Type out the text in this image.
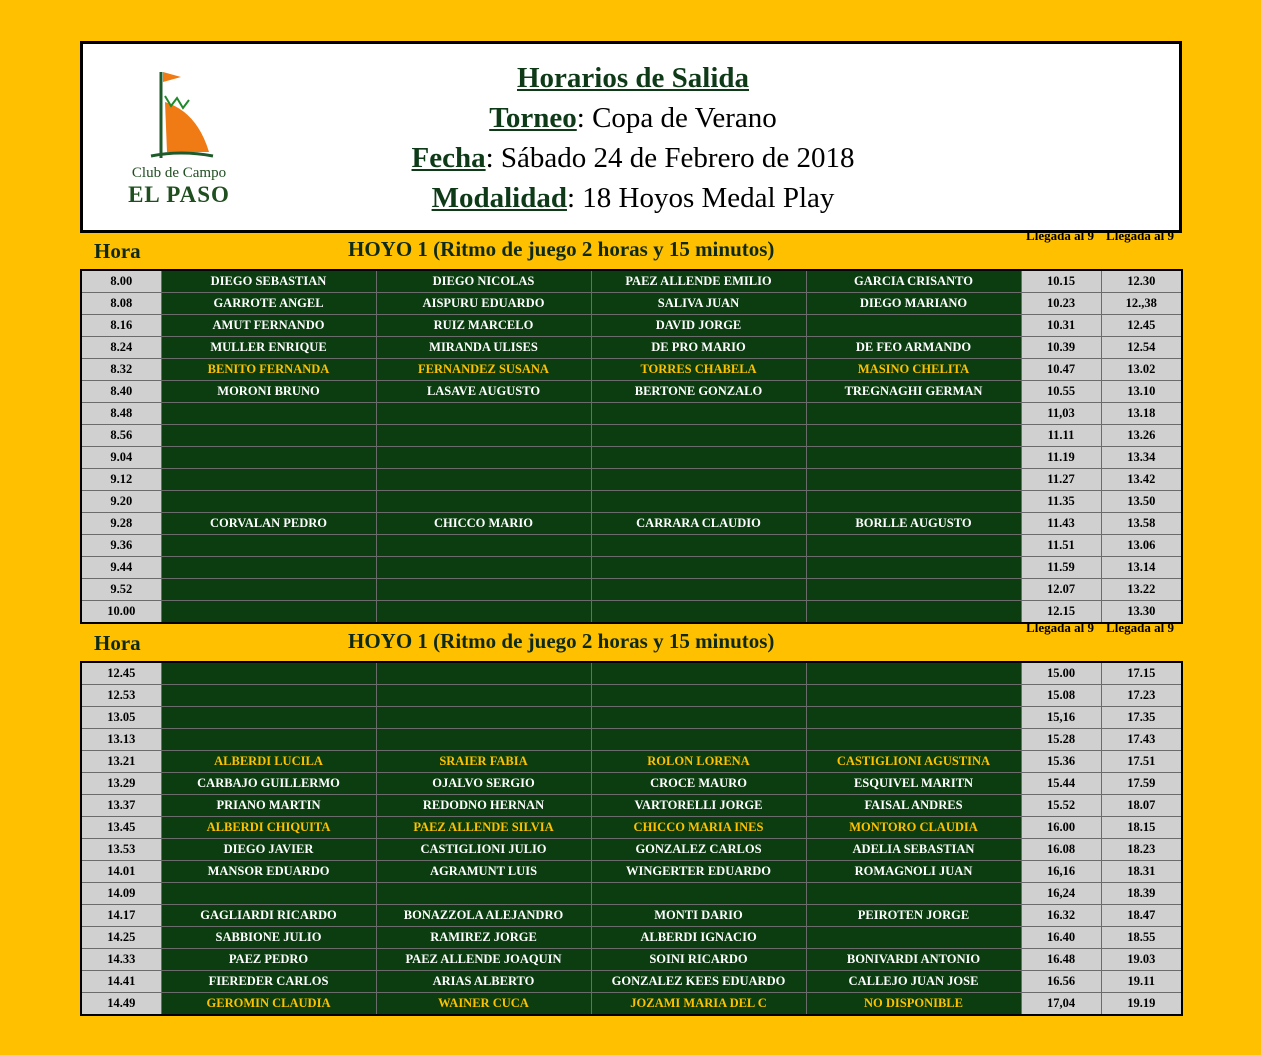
Club de Campo
EL PASO
Horarios de Salida
Torneo: Copa de Verano
Fecha: Sábado 24 de Febrero de 2018
Modalidad: 18 Hoyos Medal Play
Hora	HOYO 1 (Ritmo de juego 2 horas y 15 minutos)
Llegada al 9 Llegada al 9
8.00	DIEGO SEBASTIAN	DIEGO NICOLAS	PAEZ ALLENDE EMILIO	GARCIA CRISANTO	10.15	12.30
8.08	GARROTE ANGEL	AISPURU EDUARDO	SALIVA JUAN	DIEGO MARIANO	10.23	12.,38
8.16	AMUT FERNANDO	RUIZ MARCELO	DAVID JORGE		10.31	12.45
8.24	MULLER ENRIQUE	MIRANDA ULISES	DE PRO MARIO	DE FEO ARMANDO	10.39	12.54
8.32	BENITO FERNANDA	FERNANDEZ SUSANA	TORRES CHABELA	MASINO CHELITA	10.47	13.02
8.40	MORONI BRUNO	LASAVE AUGUSTO	BERTONE GONZALO	TREGNAGHI GERMAN	10.55	13.10
8.48					11,03	13.18
8.56					11.11	13.26
9.04					11.19	13.34
9.12					11.27	13.42
9.20					11.35	13.50
9.28	CORVALAN PEDRO	CHICCO MARIO	CARRARA CLAUDIO	BORLLE AUGUSTO	11.43	13.58
9.36					11.51	13.06
9.44					11.59	13.14
9.52					12.07	13.22
10.00					12.15	13.30
Hora	HOYO 1 (Ritmo de juego 2 horas y 15 minutos)
Llegada al 9 Llegada al 9
12.45					15.00	17.15
12.53					15.08	17.23
13.05					15,16	17.35
13.13					15.28	17.43
13.21	ALBERDI LUCILA	SRAIER FABIA	ROLON LORENA	CASTIGLIONI AGUSTINA	15.36	17.51
13.29	CARBAJO GUILLERMO	OJALVO SERGIO	CROCE MAURO	ESQUIVEL MARITN	15.44	17.59
13.37	PRIANO MARTIN	REDODNO HERNAN	VARTORELLI JORGE	FAISAL ANDRES	15.52	18.07
13.45	ALBERDI CHIQUITA	PAEZ ALLENDE SILVIA	CHICCO MARIA INES	MONTORO CLAUDIA	16.00	18.15
13.53	DIEGO JAVIER	CASTIGLIONI JULIO	GONZALEZ CARLOS	ADELIA SEBASTIAN	16.08	18.23
14.01	MANSOR EDUARDO	AGRAMUNT LUIS	WINGERTER EDUARDO	ROMAGNOLI JUAN	16,16	18.31
14.09					16,24	18.39
14.17	GAGLIARDI RICARDO	BONAZZOLA ALEJANDRO	MONTI DARIO	PEIROTEN JORGE	16.32	18.47
14.25	SABBIONE JULIO	RAMIREZ JORGE	ALBERDI IGNACIO		16.40	18.55
14.33	PAEZ PEDRO	PAEZ ALLENDE JOAQUIN	SOINI RICARDO	BONIVARDI ANTONIO	16.48	19.03
14.41	FIEREDER CARLOS	ARIAS ALBERTO	GONZALEZ KEES EDUARDO	CALLEJO JUAN JOSE	16.56	19.11
14.49	GEROMIN CLAUDIA	WAINER CUCA	JOZAMI MARIA DEL C	NO DISPONIBLE	17,04	19.19
